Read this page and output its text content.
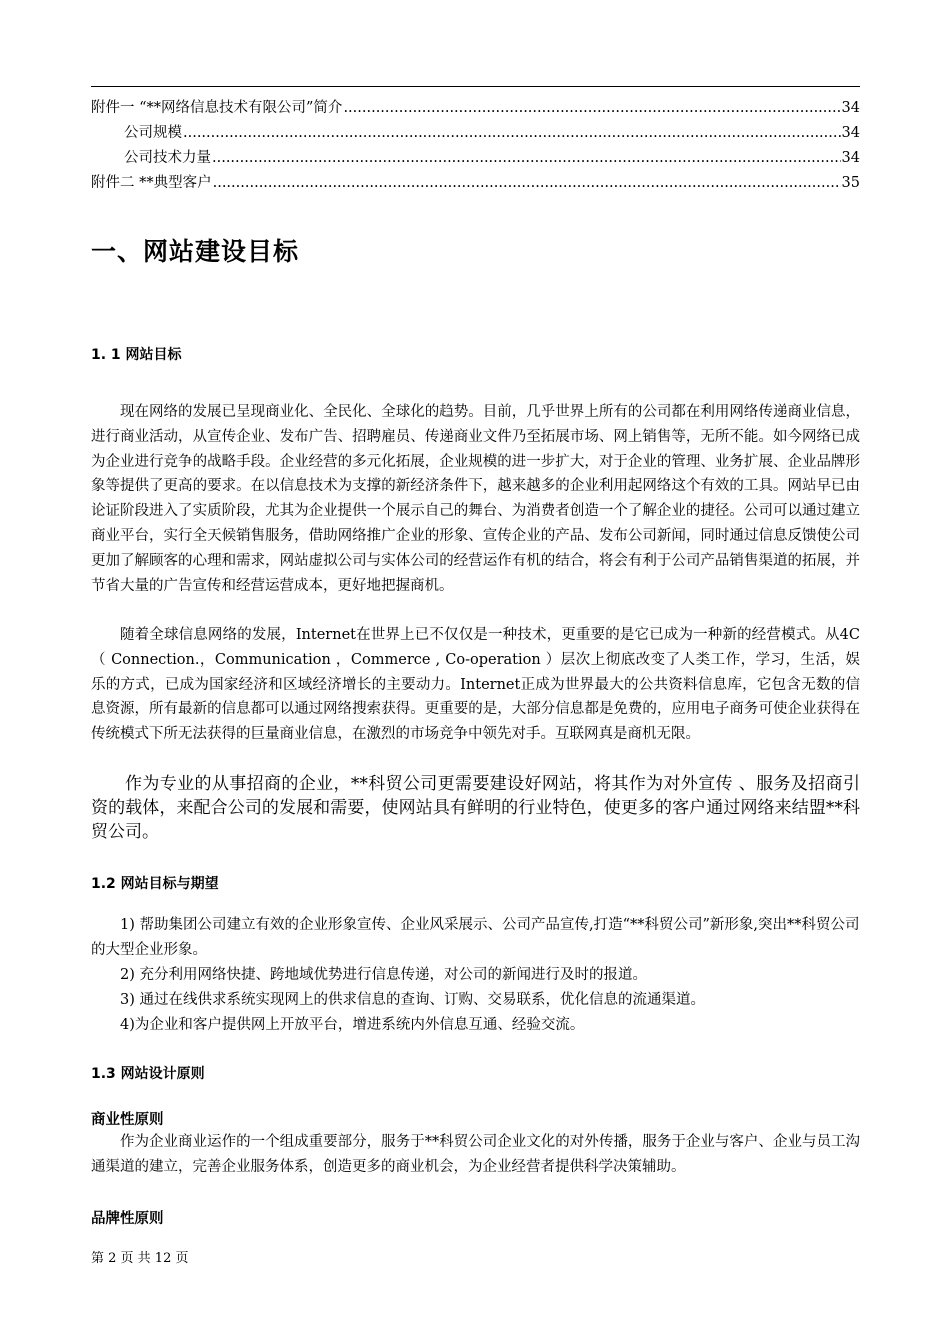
附件一 “**网络信息技术有限公司”简介 .....	34
公司规模 .....	34
公司技术力量 .....	34
附件二 **典型客户 .....	35
一、网站建设目标
1. 1 网站目标

现在网络的发展已呈现商业化、全民化、全球化的趋势。目前，几乎世界上所有的公司都在利用网络传递商业信息，进行商业活动，从宣传企业、发布广告、招聘雇员、传递商业文件乃至拓展市场、网上销售等，无所不能。如今网络已成为企业进行竞争的战略手段。企业经营的多元化拓展，企业规模的进一步扩大，对于企业的管理、业务扩展、企业品牌形象等提供了更高的要求。在以信息技术为支撑的新经济条件下，越来越多的企业利用起网络这个有效的工具。网站早已由论证阶段进入了实质阶段，尤其为企业提供一个展示自己的舞台、为消费者创造一个了解企业的捷径。公司可以通过建立商业平台，实行全天候销售服务，借助网络推广企业的形象、宣传企业的产品、发布公司新闻，同时通过信息反馈使公司更加了解顾客的心理和需求，网站虚拟公司与实体公司的经营运作有机的结合，将会有利于公司产品销售渠道的拓展，并节省大量的广告宣传和经营运营成本，更好地把握商机。

随着全球信息网络的发展，Internet在世界上已不仅仅是一种技术，更重要的是它已成为一种新的经营模式。从4C（ Connection.，Communication ，Commerce , Co-operation ）层次上彻底改变了人类工作，学习，生活，娱乐的方式，已成为国家经济和区域经济增长的主要动力。Internet正成为世界最大的公共资料信息库，它包含无数的信息资源，所有最新的信息都可以通过网络搜索获得。更重要的是，大部分信息都是免费的，应用电子商务可使企业获得在传统模式下所无法获得的巨量商业信息，在激烈的市场竞争中领先对手。互联网真是商机无限。

作为专业的从事招商的企业，**科贸公司更需要建设好网站，将其作为对外宣传 、服务及招商引资的载体，来配合公司的发展和需要，使网站具有鲜明的行业特色，使更多的客户通过网络来结盟**科贸公司。

1.2 网站目标与期望

1) 帮助集团公司建立有效的企业形象宣传、企业风采展示、公司产品宣传,打造“**科贸公司”新形象,突出**科贸公司的大型企业形象。

2) 充分利用网络快捷、跨地域优势进行信息传递，对公司的新闻进行及时的报道。

3) 通过在线供求系统实现网上的供求信息的查询、订购、交易联系，优化信息的流通渠道。

4)为企业和客户提供网上开放平台，增进系统内外信息互通、经验交流。

1.3 网站设计原则
商业性原则

作为企业商业运作的一个组成重要部分，服务于**科贸公司企业文化的对外传播，服务于企业与客户、企业与员工沟通渠道的建立，完善企业服务体系，创造更多的商业机会，为企业经营者提供科学决策辅助。

品牌性原则
第 2 页 共 12 页
